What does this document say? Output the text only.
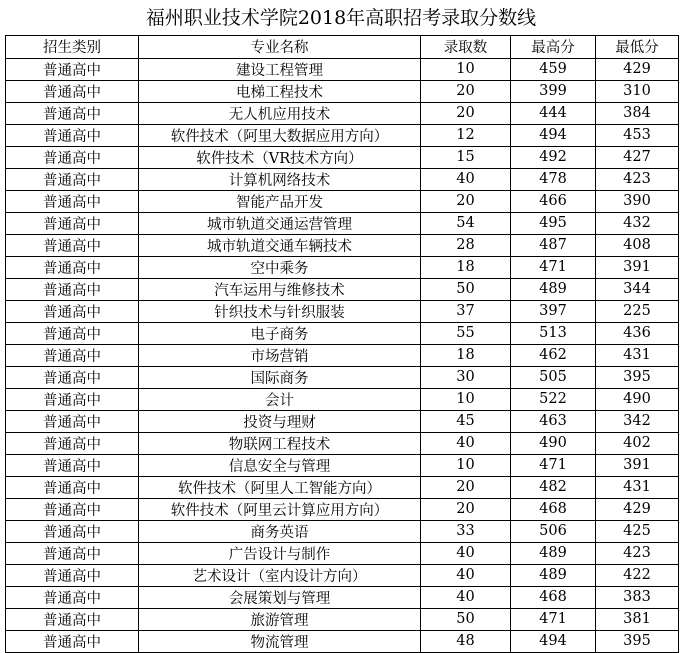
福州职业技术学院2018年高职招考录取分数线
招生类别	专业名称	录取数	最高分	最低分
普通高中	建设工程管理	10	459	429
普通高中	电梯工程技术	20	399	310
普通高中	无人机应用技术	20	444	384
普通高中	软件技术（阿里大数据应用方向）	12	494	453
普通高中	软件技术（VR技术方向）	15	492	427
普通高中	计算机网络技术	40	478	423
普通高中	智能产品开发	20	466	390
普通高中	城市轨道交通运营管理	54	495	432
普通高中	城市轨道交通车辆技术	28	487	408
普通高中	空中乘务	18	471	391
普通高中	汽车运用与维修技术	50	489	344
普通高中	针织技术与针织服装	37	397	225
普通高中	电子商务	55	513	436
普通高中	市场营销	18	462	431
普通高中	国际商务	30	505	395
普通高中	会计	10	522	490
普通高中	投资与理财	45	463	342
普通高中	物联网工程技术	40	490	402
普通高中	信息安全与管理	10	471	391
普通高中	软件技术（阿里人工智能方向）	20	482	431
普通高中	软件技术（阿里云计算应用方向）	20	468	429
普通高中	商务英语	33	506	425
普通高中	广告设计与制作	40	489	423
普通高中	艺术设计（室内设计方向）	40	489	422
普通高中	会展策划与管理	40	468	383
普通高中	旅游管理	50	471	381
普通高中	物流管理	48	494	395
